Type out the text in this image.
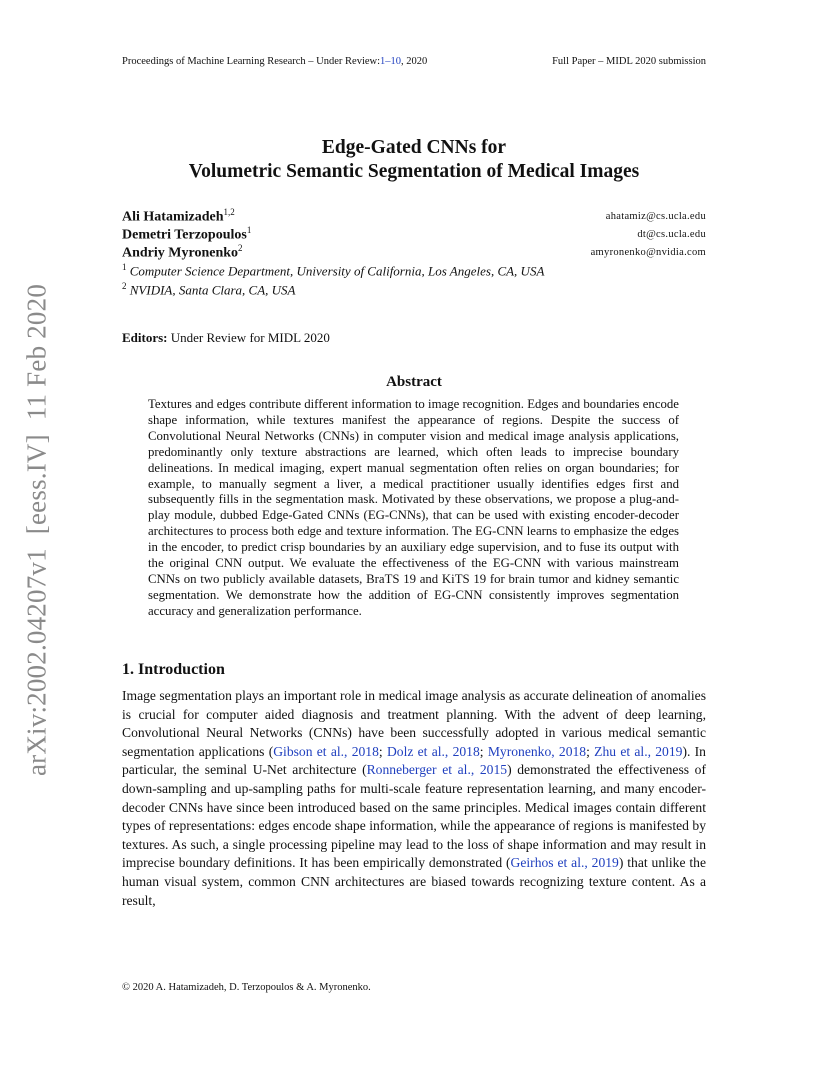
Proceedings of Machine Learning Research – Under Review:1–10, 2020	Full Paper – MIDL 2020 submission
arXiv:2002.04207v1[eess.IV]11 Feb 2020
Edge-Gated CNNs for
Volumetric Semantic Segmentation of Medical Images
Ali Hatamizadeh$^{1,2}$	ahatamiz@cs.ucla.edu
Demetri Terzopoulos$^1$	dt@cs.ucla.edu
Andriy Myronenko$^2$	amyronenko@nvidia.com
$^1$ Computer Science Department, University of California, Los Angeles, CA, USA
$^2$ NVIDIA, Santa Clara, CA, USA
Editors: Under Review for MIDL 2020
Abstract
Textures and edges contribute different information to image recognition. Edges and boundaries encode shape information, while textures manifest the appearance of regions. Despite the success of Convolutional Neural Networks (CNNs) in computer vision and medical image analysis applications, predominantly only texture abstractions are learned, which often leads to imprecise boundary delineations. In medical imaging, expert manual segmentation often relies on organ boundaries; for example, to manually segment a liver, a medical practitioner usually identifies edges first and subsequently fills in the segmentation mask. Motivated by these observations, we propose a plug-and-play module, dubbed Edge-Gated CNNs (EG-CNNs), that can be used with existing encoder-decoder architectures to process both edge and texture information. The EG-CNN learns to emphasize the edges in the encoder, to predict crisp boundaries by an auxiliary edge supervision, and to fuse its output with the original CNN output. We evaluate the effectiveness of the EG-CNN with various mainstream CNNs on two publicly available datasets, BraTS 19 and KiTS 19 for brain tumor and kidney semantic segmentation. We demonstrate how the addition of EG-CNN consistently improves segmentation accuracy and generalization performance.
1. Introduction
Image segmentation plays an important role in medical image analysis as accurate delineation of anomalies is crucial for computer aided diagnosis and treatment planning. With the advent of deep learning, Convolutional Neural Networks (CNNs) have been successfully adopted in various medical semantic segmentation applications (Gibson et al., 2018; Dolz et al., 2018; Myronenko, 2018; Zhu et al., 2019). In particular, the seminal U-Net architecture (Ronneberger et al., 2015) demonstrated the effectiveness of down-sampling and up-sampling paths for multi-scale feature representation learning, and many encoder-decoder CNNs have since been introduced based on the same principles. Medical images contain different types of representations: edges encode shape information, while the appearance of regions is manifested by textures. As such, a single processing pipeline may lead to the loss of shape information and may result in imprecise boundary definitions. It has been empirically demonstrated (Geirhos et al., 2019) that unlike the human visual system, common CNN architectures are biased towards recognizing texture content. As a result,
© 2020 A. Hatamizadeh, D. Terzopoulos & A. Myronenko.
